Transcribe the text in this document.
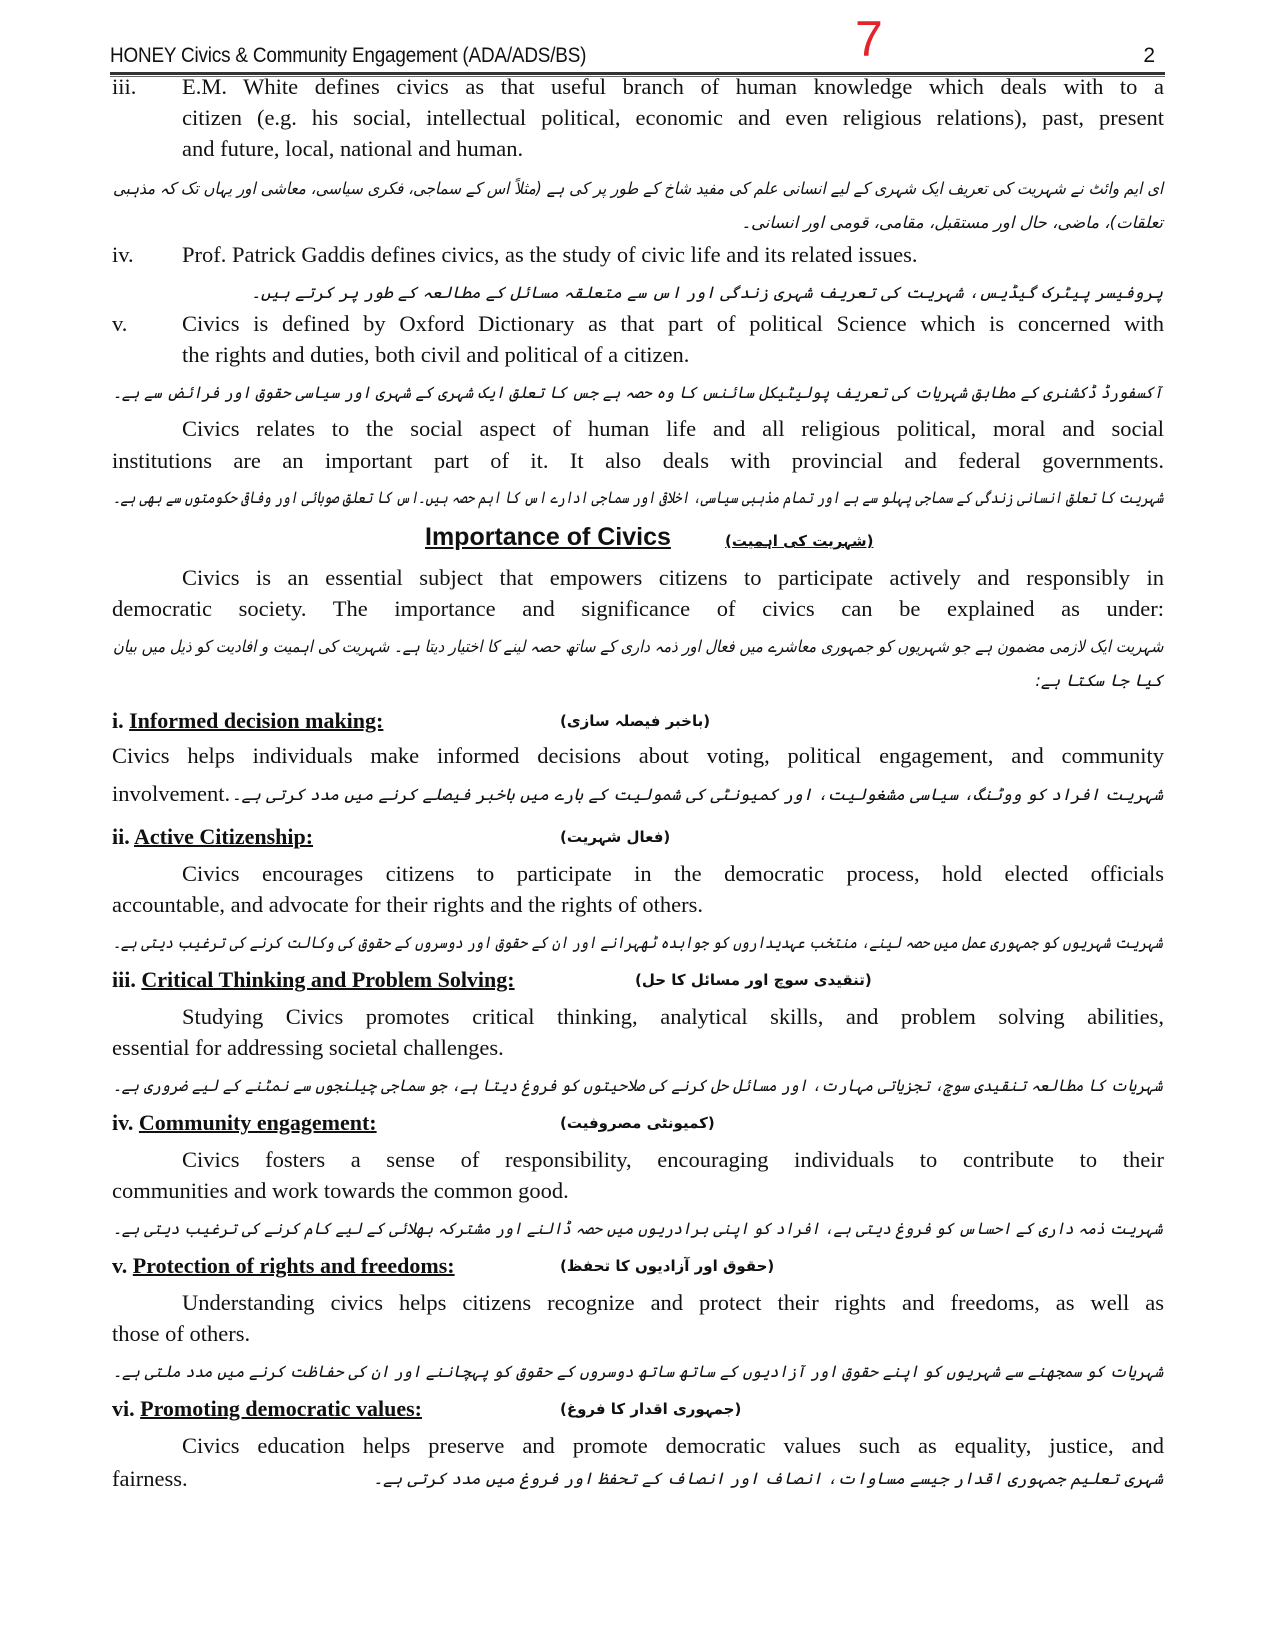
HONEY Civics & Community Engagement (ADA/ADS/BS)	7	2
iii.	E.M. White defines civics as that useful branch of human knowledge which deals with to a
citizen (e.g. his social, intellectual political, economic and even religious relations), past, present
and future, local, national and human.
ای ایم وائٹ نے شہریت کی تعریف ایک شہری کے لیے انسانی علم کی مفید شاخ کے طور پر کی ہے (مثلاً اس کے سماجی، فکری سیاسی، معاشی اور یہاں تک کہ مذہبی
تعلقات)، ماضی، حال اور مستقبل، مقامی، قومی اور انسانی۔
iv.	Prof. Patrick Gaddis defines civics, as the study of civic life and its related issues.
پروفیسر پیٹرک گیڈیس، شہریت کی تعریف شہری زندگی اور اس سے متعلقہ مسائل کے مطالعہ کے طور پر کرتے ہیں۔
v.	Civics is defined by Oxford Dictionary as that part of political Science which is concerned with
the rights and duties, both civil and political of a citizen.
آکسفورڈ ڈکشنری کے مطابق شہریات کی تعریف پولیٹیکل سائنس کا وہ حصہ ہے جس کا تعلق ایک شہری کے شہری اور سیاسی حقوق اور فرائض سے ہے۔
Civics relates to the social aspect of human life and all religious political, moral and social
institutions are an important part of it. It also deals with provincial and federal governments.
شہریت کا تعلق انسانی زندگی کے سماجی پہلو سے ہے اور تمام مذہبی سیاسی، اخلاقی اور سماجی ادارے اس کا اہم حصہ ہیں۔اس کا تعلق صوبائی اور وفاقی حکومتوں سے بھی ہے۔
Importance of Civics	(شہریت کی اہمیت)
Civics is an essential subject that empowers citizens to participate actively and responsibly in
democratic society. The importance and significance of civics can be explained as under:
شہریت ایک لازمی مضمون ہے جو شہریوں کو جمہوری معاشرے میں فعال اور ذمہ داری کے ساتھ حصہ لینے کا اختیار دیتا ہے۔ شہریت کی اہمیت و افادیت کو ذیل میں بیان
کیا جا سکتا ہے:
i. Informed decision making:	(باخبر فیصلہ سازی)
Civics helps individuals make informed decisions about voting, political engagement, and community
involvement. شہریت افراد کو ووٹنگ، سیاسی مشغولیت، اور کمیونٹی کی شمولیت کے بارے میں باخبر فیصلے کرنے میں مدد کرتی ہے۔
ii. Active Citizenship:	(فعال شہریت)
Civics encourages citizens to participate in the democratic process, hold elected officials
accountable, and advocate for their rights and the rights of others.
شہریت شہریوں کو جمہوری عمل میں حصہ لینے، منتخب عہدیداروں کو جوابدہ ٹھہرانے اور ان کے حقوق اور دوسروں کے حقوق کی وکالت کرنے کی ترغیب دیتی ہے۔
iii. Critical Thinking and Problem Solving:	(تنقیدی سوچ اور مسائل کا حل)
Studying Civics promotes critical thinking, analytical skills, and problem solving abilities,
essential for addressing societal challenges.
شہریات کا مطالعہ تنقیدی سوچ، تجزیاتی مہارت، اور مسائل حل کرنے کی صلاحیتوں کو فروغ دیتا ہے، جو سماجی چیلنجوں سے نمٹنے کے لیے ضروری ہے۔
iv. Community engagement:	(کمیونٹی مصروفیت)
Civics fosters a sense of responsibility, encouraging individuals to contribute to their
communities and work towards the common good.
شہریت ذمہ داری کے احساس کو فروغ دیتی ہے، افراد کو اپنی برادریوں میں حصہ ڈالنے اور مشترکہ بھلائی کے لیے کام کرنے کی ترغیب دیتی ہے۔
v. Protection of rights and freedoms:	(حقوق اور آزادیوں کا تحفظ)
Understanding civics helps citizens recognize and protect their rights and freedoms, as well as
those of others.
شہریات کو سمجھنے سے شہریوں کو اپنے حقوق اور آزادیوں کے ساتھ ساتھ دوسروں کے حقوق کو پہچاننے اور ان کی حفاظت کرنے میں مدد ملتی ہے۔
vi. Promoting democratic values:	(جمہوری اقدار کا فروغ)
Civics education helps preserve and promote democratic values such as equality, justice, and
fairness.	شہری تعلیم جمہوری اقدار جیسے مساوات، انصاف اور انصاف کے تحفظ اور فروغ میں مدد کرتی ہے۔
